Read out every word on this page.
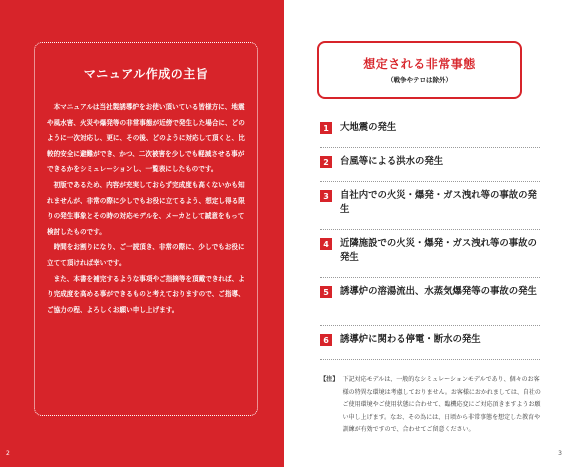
マニュアル作成の主旨

本マニュアルは当社製誘導炉をお使い頂いている皆様方に、地震や風水害、火災や爆発等の非常事態が近傍で発生した場合に、どのように一次対応し、更に、その後、どのように対応して頂くと、比較的安全に避難ができ、かつ、二次被害を少しでも軽減させる事ができるかをシミュレーションし、一覧表にしたものです。

初版であるため、内容が充実しておらず完成度も高くないかも知れませんが、非常の際に少しでもお役に立てるよう、想定し得る限りの発生事象とその時の対応モデルを、メーカとして誠意をもって検討したものです。

時間をお割りになり、ご一読頂き、非常の際に、少しでもお役に立てて頂ければ幸いです。

また、本書を補完するような事項やご指摘等を頂戴できれば、より完成度を高める事ができるものと考えておりますので、ご指導、ご協力の程、よろしくお願い申し上げます。

2
想定される非常事態
（戦争やテロは除外）
1	大地震の発生
2	台風等による洪水の発生
3	自社内での火災・爆発・ガス洩れ等の事故の発生
4	近隣施設での火災・爆発・ガス洩れ等の事故の発生
5	誘導炉の溶湯流出、水蒸気爆発等の事故の発生
6	誘導炉に関わる停電・断水の発生
【注】 下記対応モデルは、一般的なシミュレーションモデルであり、個々のお客様の特異な環境は考慮しておりません。お客様におかれましては、自社のご使用環境やご使用状態に合わせて、臨機応変にご対応頂きますようお願い申し上げます。なお、その為には、日頃から非常事態を想定した教育や訓練が有効ですので、合わせてご留意ください。
3
